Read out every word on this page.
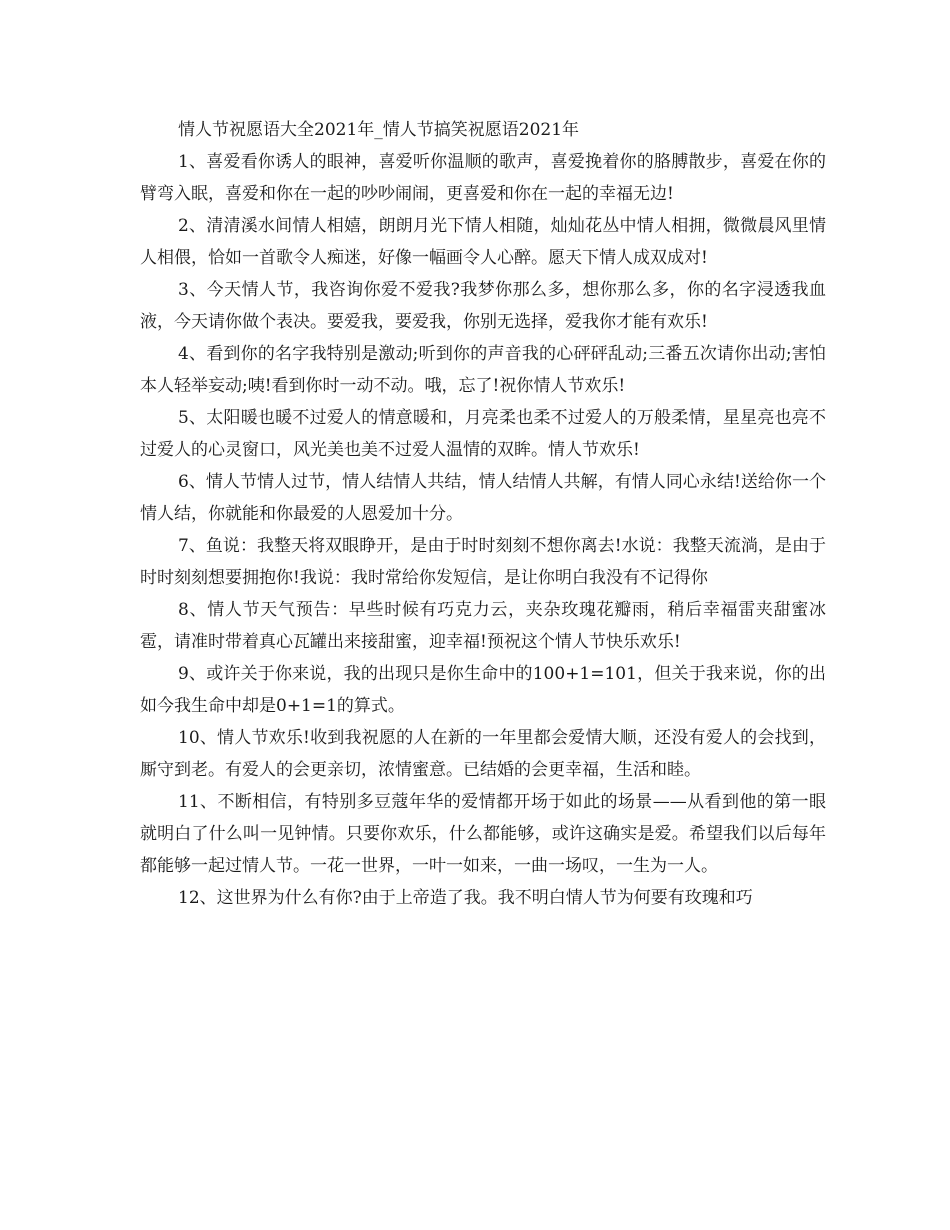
情人节祝愿语大全2021年_情人节搞笑祝愿语2021年

1、喜爱看你诱人的眼神，喜爱听你温顺的歌声，喜爱挽着你的胳膊散步，喜爱在你的臂弯入眠，喜爱和你在一起的吵吵闹闹，更喜爱和你在一起的幸福无边!

2、清清溪水间情人相嬉，朗朗月光下情人相随，灿灿花丛中情人相拥，微微晨风里情人相偎，恰如一首歌令人痴迷，好像一幅画令人心醉。愿天下情人成双成对!

3、今天情人节，我咨询你爱不爱我?我梦你那么多，想你那么多，你的名字浸透我血液，今天请你做个表决。要爱我，要爱我，你别无选择，爱我你才能有欢乐!

4、看到你的名字我特别是激动;听到你的声音我的心砰砰乱动;三番五次请你出动;害怕本人轻举妄动;咦!看到你时一动不动。哦，忘了!祝你情人节欢乐!

5、太阳暖也暖不过爱人的情意暖和，月亮柔也柔不过爱人的万般柔情，星星亮也亮不过爱人的心灵窗口，风光美也美不过爱人温情的双眸。情人节欢乐!

6、情人节情人过节，情人结情人共结，情人结情人共解，有情人同心永结!送给你一个情人结，你就能和你最爱的人恩爱加十分。

7、鱼说：我整天将双眼睁开，是由于时时刻刻不想你离去!水说：我整天流淌，是由于时时刻刻想要拥抱你!我说：我时常给你发短信，是让你明白我没有不记得你

8、情人节天气预告：早些时候有巧克力云，夹杂玫瑰花瓣雨，稍后幸福雷夹甜蜜冰雹，请准时带着真心瓦罐出来接甜蜜，迎幸福!预祝这个情人节快乐欢乐!

9、或许关于你来说，我的出现只是你生命中的100+1=101，但关于我来说，你的出如今我生命中却是0+1=1的算式。

10、情人节欢乐!收到我祝愿的人在新的一年里都会爱情大顺，还没有爱人的会找到，厮守到老。有爱人的会更亲切，浓情蜜意。已结婚的会更幸福，生活和睦。

11、不断相信，有特别多豆蔻年华的爱情都开场于如此的场景——从看到他的第一眼就明白了什么叫一见钟情。只要你欢乐，什么都能够，或许这确实是爱。希望我们以后每年都能够一起过情人节。一花一世界，一叶一如来，一曲一场叹，一生为一人。

12、这世界为什么有你?由于上帝造了我。我不明白情人节为何要有玫瑰和巧
